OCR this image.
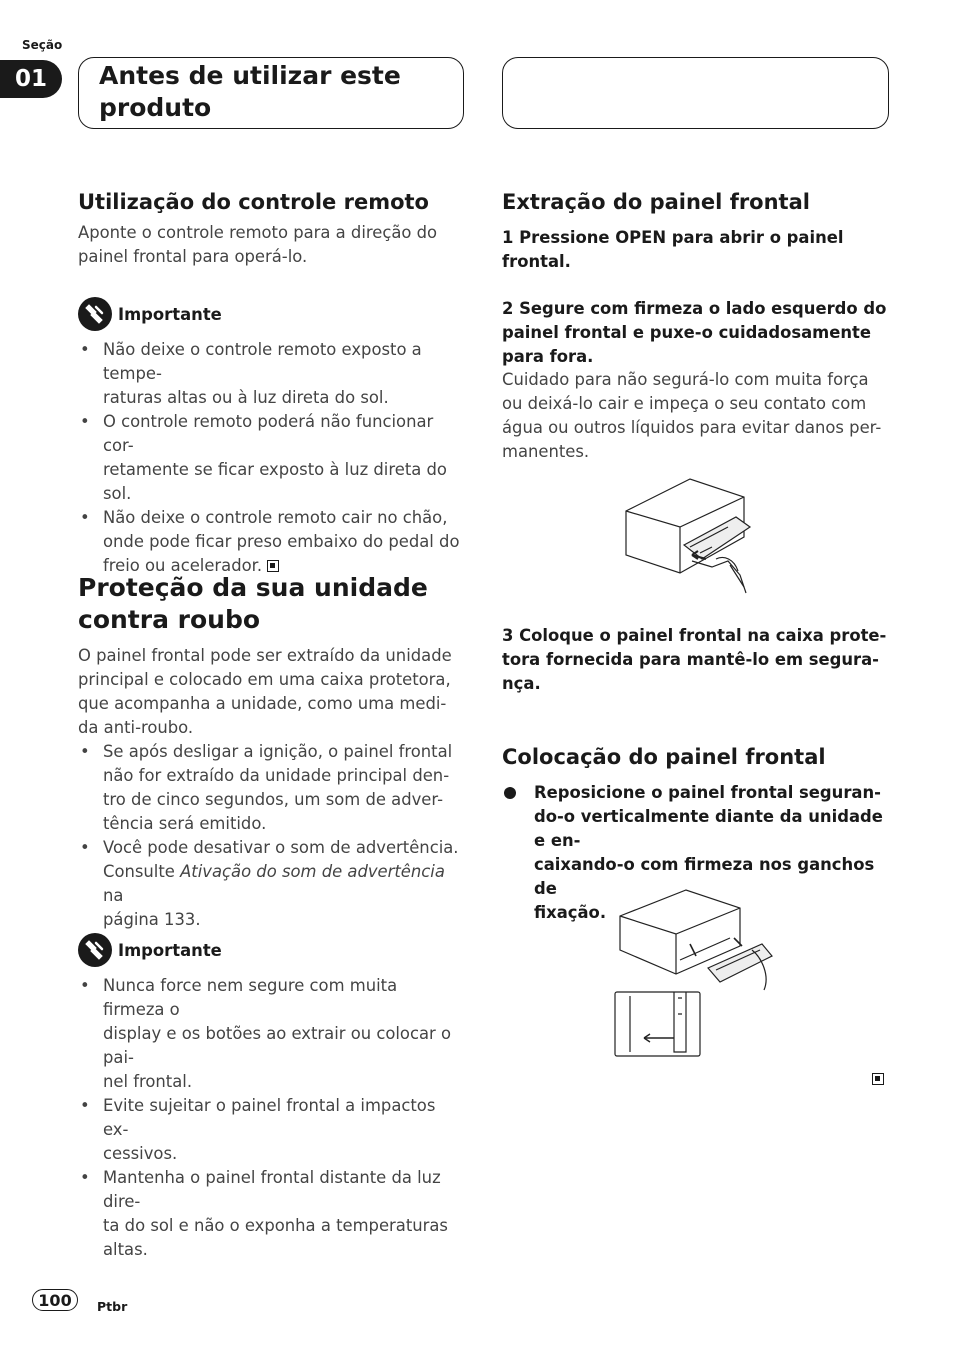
Seção
01	Antes de utilizar este
produto
Utilização do controle remoto

Aponte o controle remoto para a direção do
painel frontal para operá-lo.

Importante
• Não deixe o controle remoto exposto a tempe-
raturas altas ou à luz direta do sol.
• O controle remoto poderá não funcionar cor-
retamente se ficar exposto à luz direta do sol.
• Não deixe o controle remoto cair no chão,
onde pode ficar preso embaixo do pedal do
freio ou acelerador.
Proteção da sua unidade
contra roubo

O painel frontal pode ser extraído da unidade
principal e colocado em uma caixa protetora,
que acompanha a unidade, como uma medi-
da anti-roubo.

• Se após desligar a ignição, o painel frontal
não for extraído da unidade principal den-
tro de cinco segundos, um som de adver-
tência será emitido.
• Você pode desativar o som de advertência.
Consulte Ativação do som de advertência na
página 133.
Importante
• Nunca force nem segure com muita firmeza o
display e os botões ao extrair ou colocar o pai-
nel frontal.
• Evite sujeitar o painel frontal a impactos ex-
cessivos.
• Mantenha o painel frontal distante da luz dire-
ta do sol e não o exponha a temperaturas
altas.
Extração do painel frontal

1 Pressione OPEN para abrir o painel
frontal.

2 Segure com firmeza o lado esquerdo do
painel frontal e puxe-o cuidadosamente
para fora.

Cuidado para não segurá-lo com muita força
ou deixá-lo cair e impeça o seu contato com
água ou outros líquidos para evitar danos per-
manentes.

3 Coloque o painel frontal na caixa prote-
tora fornecida para mantê-lo em segura-
nça.

Colocação do painel frontal

Reposicione o painel frontal seguran-
do-o verticalmente diante da unidade e en-
caixando-o com firmeza nos ganchos de
fixação.

100	Ptbr
